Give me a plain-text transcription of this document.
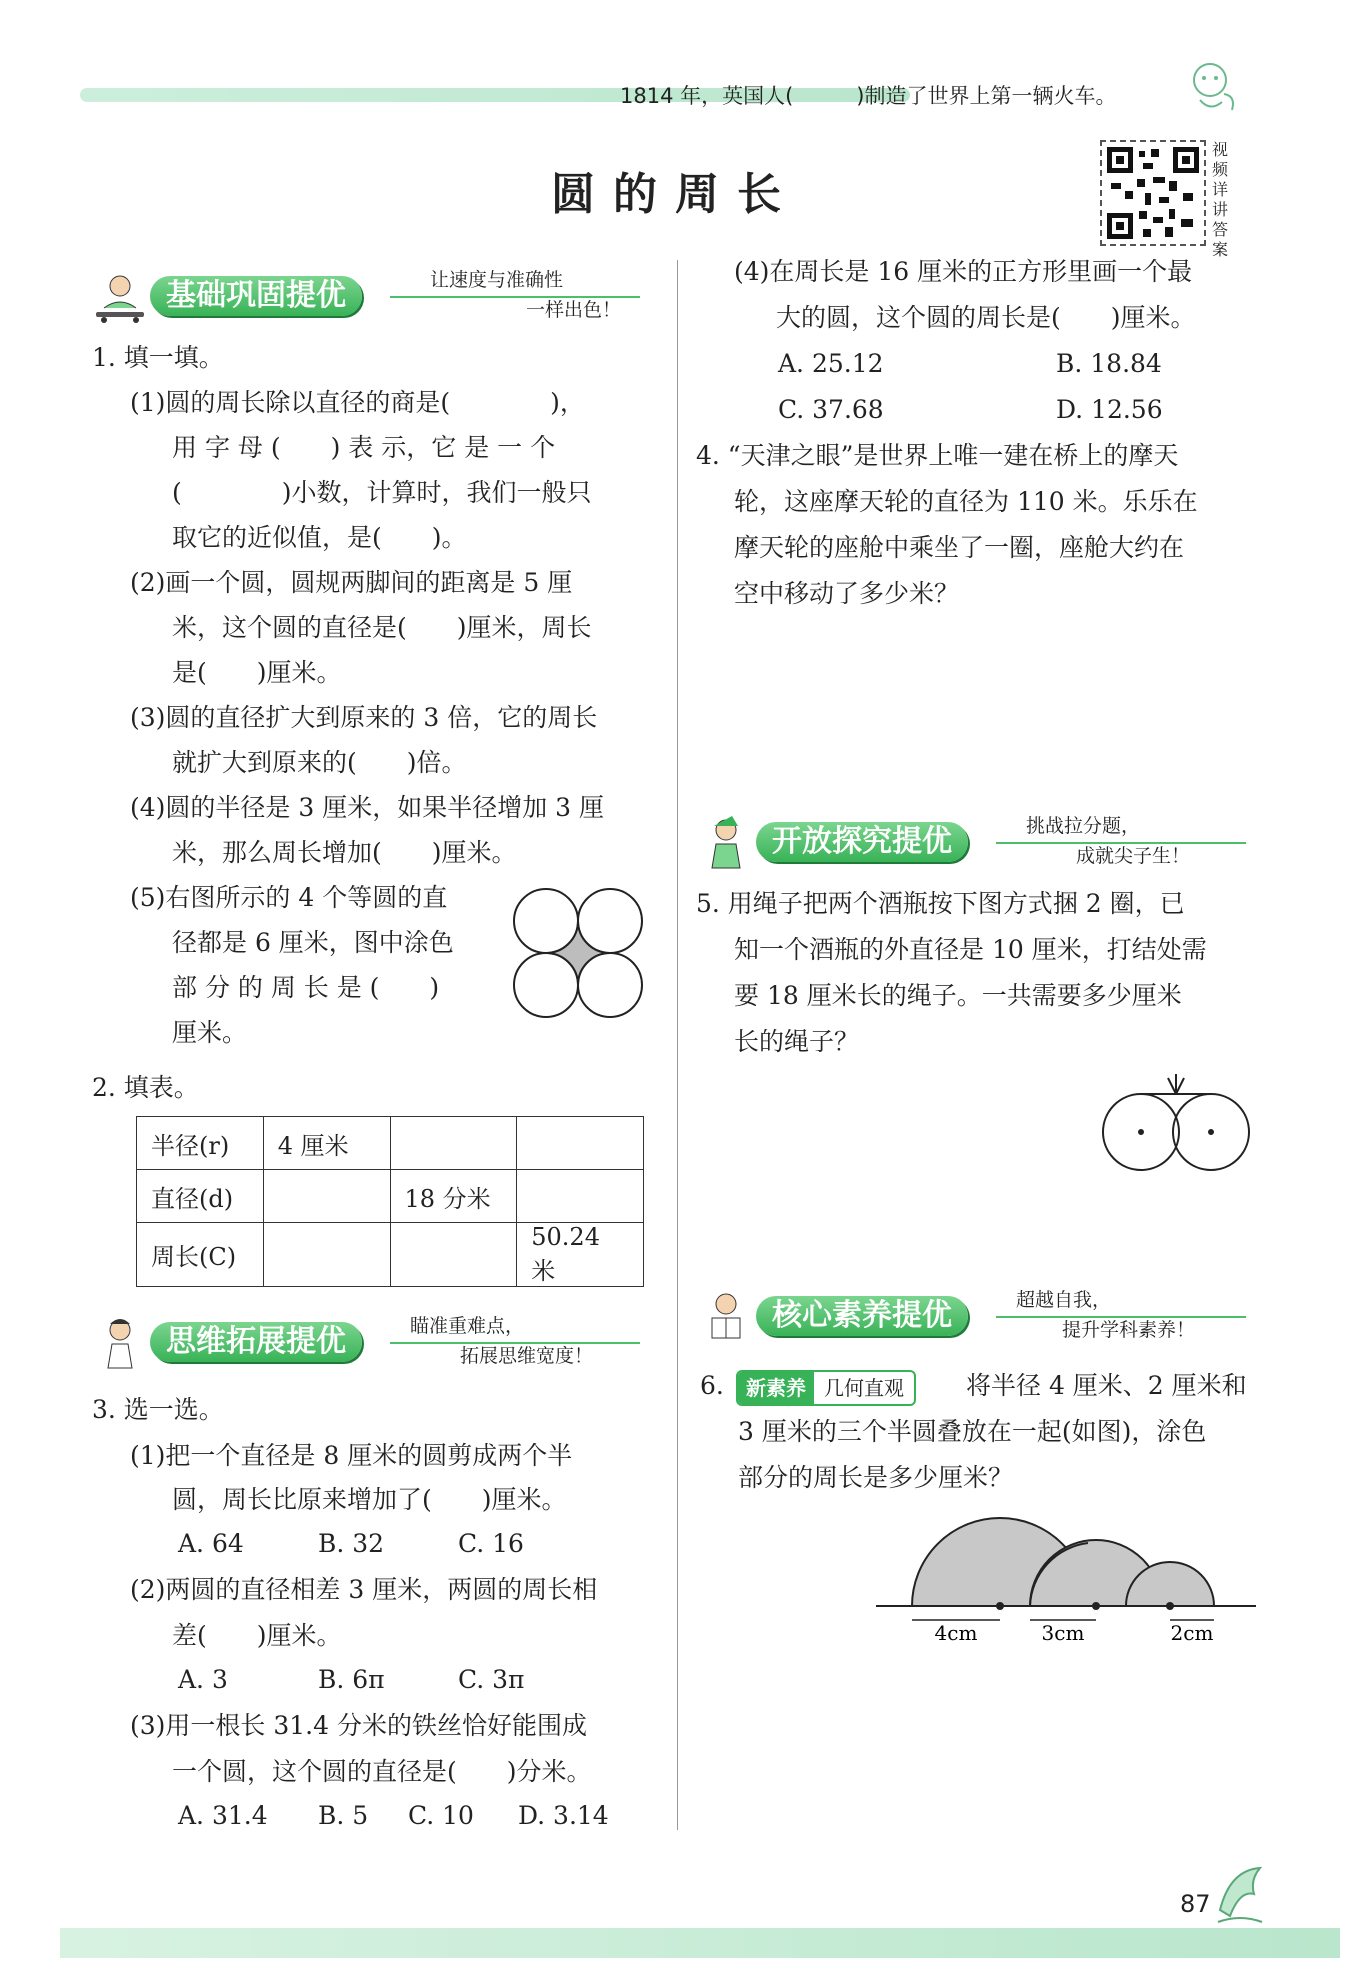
1814 年，英国人(　　　)制造了世界上第一辆火车。
圆的周长
视频详讲答案
基础巩固提优	让速度与准确性
一样出色！
1. 填一填。
(1)圆的周长除以直径的商是(　　　　)，
用 字 母 (　　) 表 示，它 是 一 个
(　　　　)小数，计算时，我们一般只
取它的近似值，是(　　)。
(2)画一个圆，圆规两脚间的距离是 5 厘
米，这个圆的直径是(　　)厘米，周长
是(　　)厘米。
(3)圆的直径扩大到原来的 3 倍，它的周长
就扩大到原来的(　　)倍。
(4)圆的半径是 3 厘米，如果半径增加 3 厘
米，那么周长增加(　　)厘米。
(5)右图所示的 4 个等圆的直
径都是 6 厘米，图中涂色
部 分 的 周 长 是 (　　)
厘米。
2. 填表。
半径(r)	4 厘米		
直径(d)		18 分米	
周长(C)			50.24 米
思维拓展提优	瞄准重难点，
拓展思维宽度！
3. 选一选。
(1)把一个直径是 8 厘米的圆剪成两个半
圆，周长比原来增加了(　　)厘米。
A. 64	B. 32	C. 16
(2)两圆的直径相差 3 厘米，两圆的周长相
差(　　)厘米。
A. 3	B. 6π	C. 3π
(3)用一根长 31.4 分米的铁丝恰好能围成
一个圆，这个圆的直径是(　　)分米。
A. 31.4 B. 5 C. 10 D. 3.14
(4)在周长是 16 厘米的正方形里画一个最
大的圆，这个圆的周长是(　　)厘米。
A. 25.12	B. 18.84
C. 37.68	D. 12.56
4. “天津之眼”是世界上唯一建在桥上的摩天
轮，这座摩天轮的直径为 110 米。乐乐在
摩天轮的座舱中乘坐了一圈，座舱大约在
空中移动了多少米？
开放探究提优	挑战拉分题，
成就尖子生！
5. 用绳子把两个酒瓶按下图方式捆 2 圈，已
知一个酒瓶的外直径是 10 厘米，打结处需
要 18 厘米长的绳子。一共需要多少厘米
长的绳子？
核心素养提优	超越自我，
提升学科素养！
6.	新素养 几何直观	将半径 4 厘米、2 厘米和
3 厘米的三个半圆叠放在一起(如图)，涂色
部分的周长是多少厘米？
4cm	3cm	2cm
87
